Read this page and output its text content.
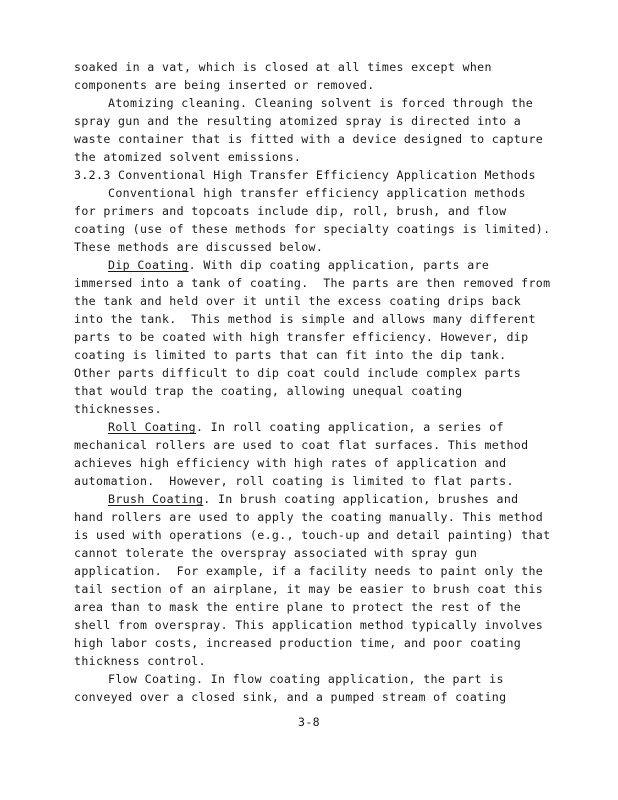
soaked in a vat, which is closed at all times except when
components are being inserted or removed.
Atomizing cleaning. Cleaning solvent is forced through the
spray gun and the resulting atomized spray is directed into a
waste container that is fitted with a device designed to capture
the atomized solvent emissions.
3.2.3 Conventional High Transfer Efficiency Application Methods
Conventional high transfer efficiency application methods
for primers and topcoats include dip, roll, brush, and flow
coating (use of these methods for specialty coatings is limited).
These methods are discussed below.
Dip Coating. With dip coating application, parts are
immersed into a tank of coating.  The parts are then removed from
the tank and held over it until the excess coating drips back
into the tank.  This method is simple and allows many different
parts to be coated with high transfer efficiency. However, dip
coating is limited to parts that can fit into the dip tank.
Other parts difficult to dip coat could include complex parts
that would trap the coating, allowing unequal coating
thicknesses.
Roll Coating. In roll coating application, a series of
mechanical rollers are used to coat flat surfaces. This method
achieves high efficiency with high rates of application and
automation.  However, roll coating is limited to flat parts.
Brush Coating. In brush coating application, brushes and
hand rollers are used to apply the coating manually. This method
is used with operations (e.g., touch-up and detail painting) that
cannot tolerate the overspray associated with spray gun
application.  For example, if a facility needs to paint only the
tail section of an airplane, it may be easier to brush coat this
area than to mask the entire plane to protect the rest of the
shell from overspray. This application method typically involves
high labor costs, increased production time, and poor coating
thickness control.
Flow Coating. In flow coating application, the part is
conveyed over a closed sink, and a pumped stream of coating
3-8
